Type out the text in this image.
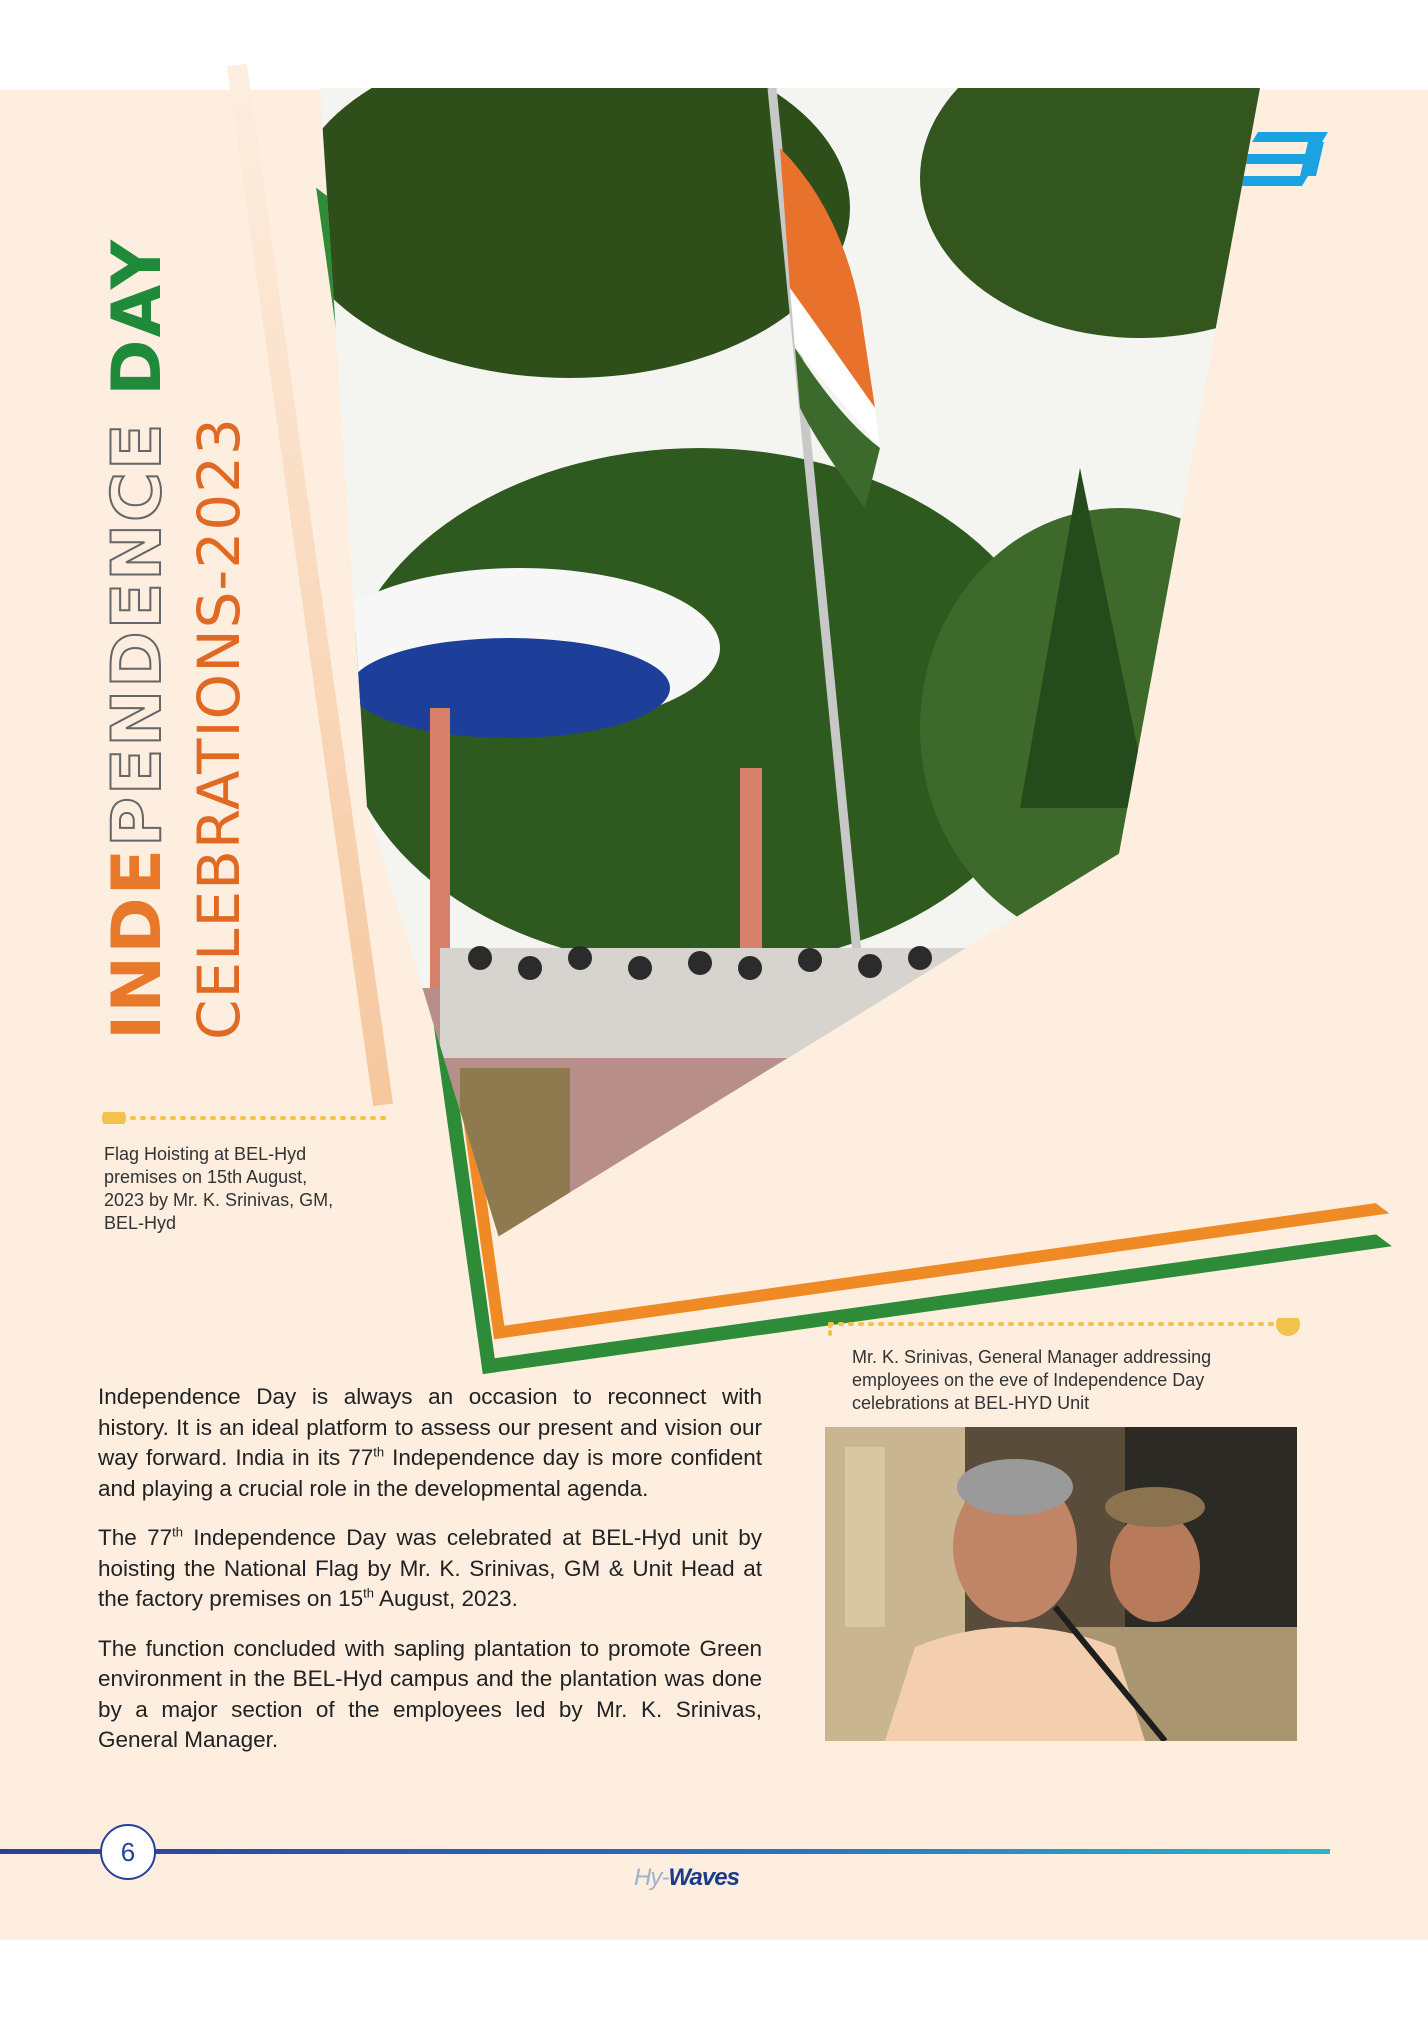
INDEPENDENCE DAY
CELEBRATIONS-2023
Flag Hoisting at BEL-Hyd premises on 15th August, 2023 by Mr. K. Srinivas, GM, BEL-Hyd
Mr. K. Srinivas, General Manager addressing employees on the eve of Independence Day celebrations at BEL-HYD Unit

Independence Day is always an occasion to reconnect with history. It is an ideal platform to assess our present and vision our way forward. India in its 77th Independence day is more confident and playing a crucial role in the developmental agenda.

The 77th Independence Day was celebrated at BEL-Hyd unit by hoisting the National Flag by Mr. K. Srinivas, GM & Unit Head at the factory premises on 15th August, 2023.

The function concluded with sapling plantation to promote Green environment in the BEL-Hyd campus and the plantation was done by a major section of the employees led by Mr. K. Srinivas, General Manager.

6
Hy-Waves
